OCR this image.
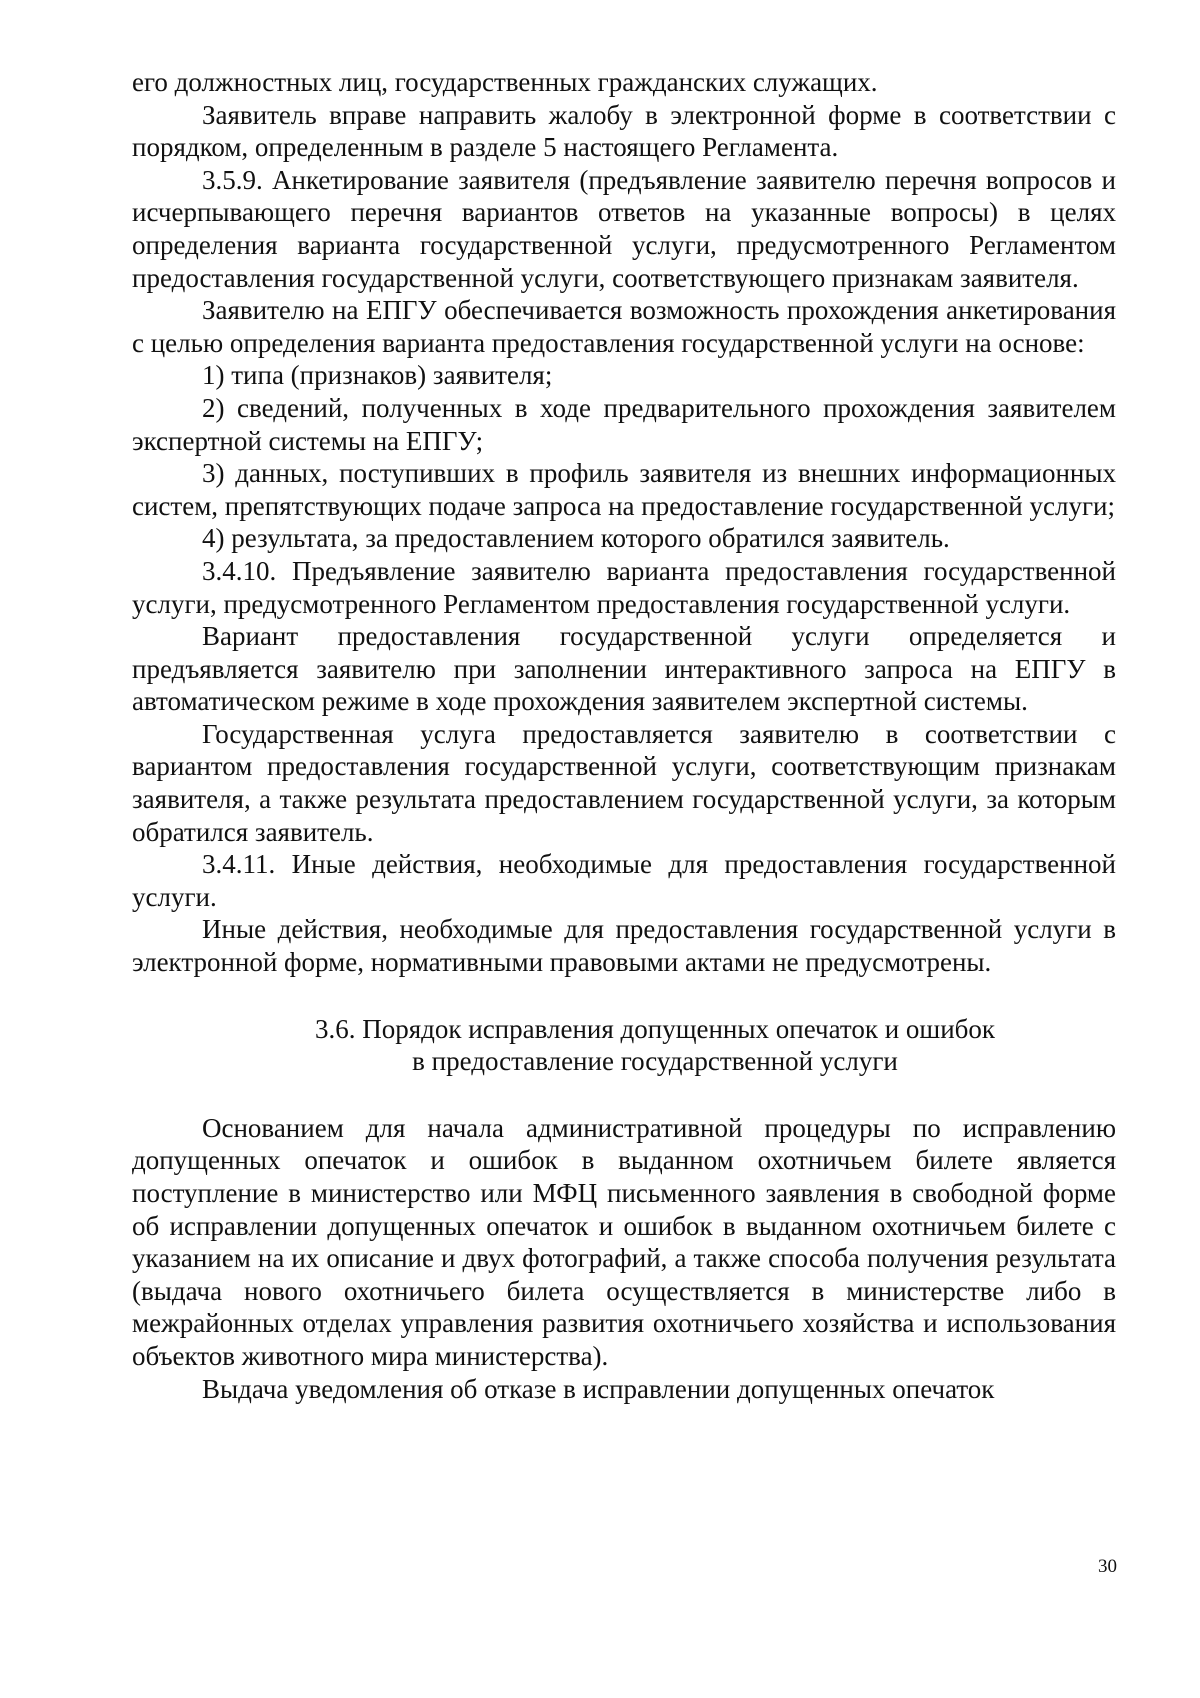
его должностных лиц, государственных гражданских служащих.

Заявитель вправе направить жалобу в электронной форме в соответствии с порядком, определенным в разделе 5 настоящего Регламента.

3.5.9. Анкетирование заявителя (предъявление заявителю перечня вопросов и исчерпывающего перечня вариантов ответов на указанные вопросы) в целях определения варианта государственной услуги, предусмотренного Регламентом предоставления государственной услуги, соответствующего признакам заявителя.

Заявителю на ЕПГУ обеспечивается возможность прохождения анкетирования с целью определения варианта предоставления государственной услуги на основе:

1) типа (признаков) заявителя;

2) сведений, полученных в ходе предварительного прохождения заявителем экспертной системы на ЕПГУ;

3) данных, поступивших в профиль заявителя из внешних информационных систем, препятствующих подаче запроса на предоставление государственной услуги;

4) результата, за предоставлением которого обратился заявитель.

3.4.10. Предъявление заявителю варианта предоставления государственной услуги, предусмотренного Регламентом предоставления государственной услуги.

Вариант предоставления государственной услуги определяется и предъявляется заявителю при заполнении интерактивного запроса на ЕПГУ в автоматическом режиме в ходе прохождения заявителем экспертной системы.

Государственная услуга предоставляется заявителю в соответствии с вариантом предоставления государственной услуги, соответствующим признакам заявителя, а также результата предоставлением государственной услуги, за которым обратился заявитель.

3.4.11. Иные действия, необходимые для предоставления государственной услуги.

Иные действия, необходимые для предоставления государственной услуги в электронной форме, нормативными правовыми актами не предусмотрены.

3.6. Порядок исправления допущенных опечаток и ошибок
в предоставление государственной услуги

Основанием для начала административной процедуры по исправлению допущенных опечаток и ошибок в выданном охотничьем билете является поступление в министерство или МФЦ письменного заявления в свободной форме об исправлении допущенных опечаток и ошибок в выданном охотничьем билете с указанием на их описание и двух фотографий, а также способа получения результата (выдача нового охотничьего билета осуществляется в министерстве либо в межрайонных отделах управления развития охотничьего хозяйства и использования объектов животного мира министерства).

Выдача уведомления об отказе в исправлении допущенных опечаток

30
